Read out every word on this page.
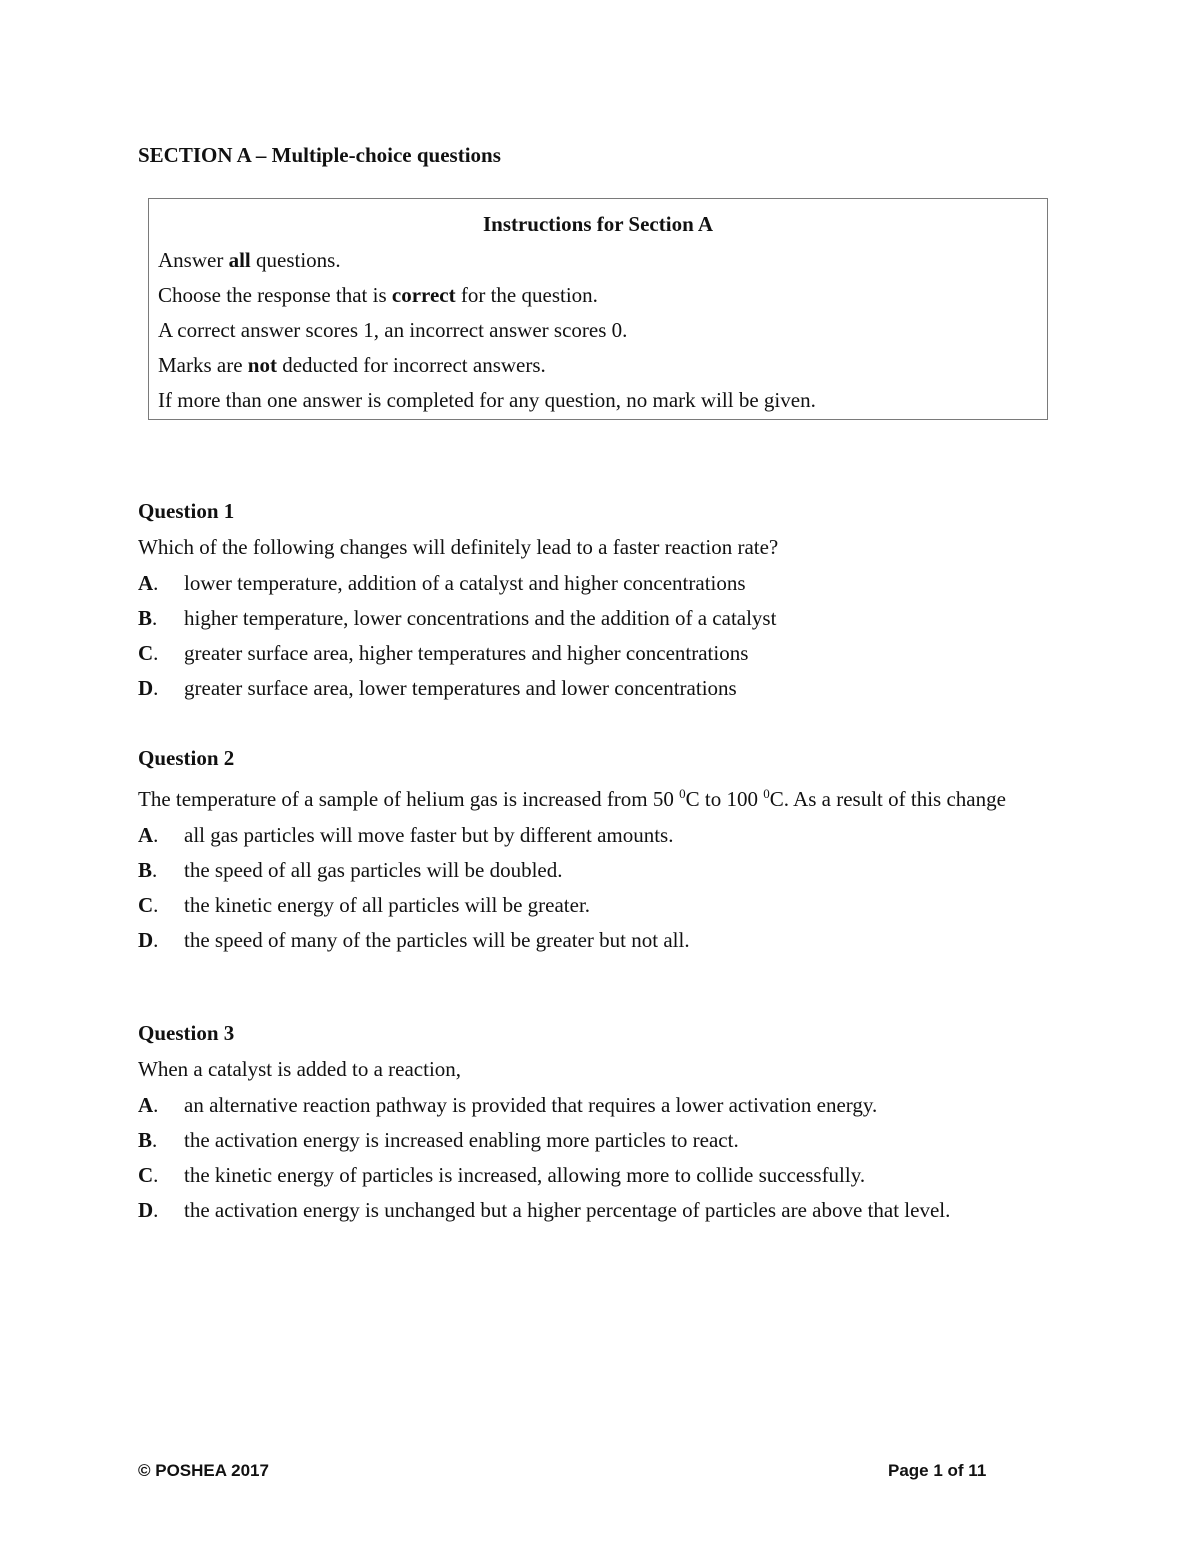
SECTION A – Multiple-choice questions
Instructions for Section A
Answer all questions.
Choose the response that is correct for the question.
A correct answer scores 1, an incorrect answer scores 0.
Marks are not deducted for incorrect answers.
If more than one answer is completed for any question, no mark will be given.
Question 1
Which of the following changes will definitely lead to a faster reaction rate?
A. lower temperature, addition of a catalyst and higher concentrations
B. higher temperature, lower concentrations and the addition of a catalyst
C. greater surface area, higher temperatures and higher concentrations
D. greater surface area, lower temperatures and lower concentrations
Question 2
The temperature of a sample of helium gas is increased from 50 $^0$C to 100 $^0$C. As a result of this change
A. all gas particles will move faster but by different amounts.
B. the speed of all gas particles will be doubled.
C. the kinetic energy of all particles will be greater.
D. the speed of many of the particles will be greater but not all.
Question 3
When a catalyst is added to a reaction,
A. an alternative reaction pathway is provided that requires a lower activation energy.
B. the activation energy is increased enabling more particles to react.
C. the kinetic energy of particles is increased, allowing more to collide successfully.
D. the activation energy is unchanged but a higher percentage of particles are above that level.
© POSHEA 2017	Page 1 of 11
